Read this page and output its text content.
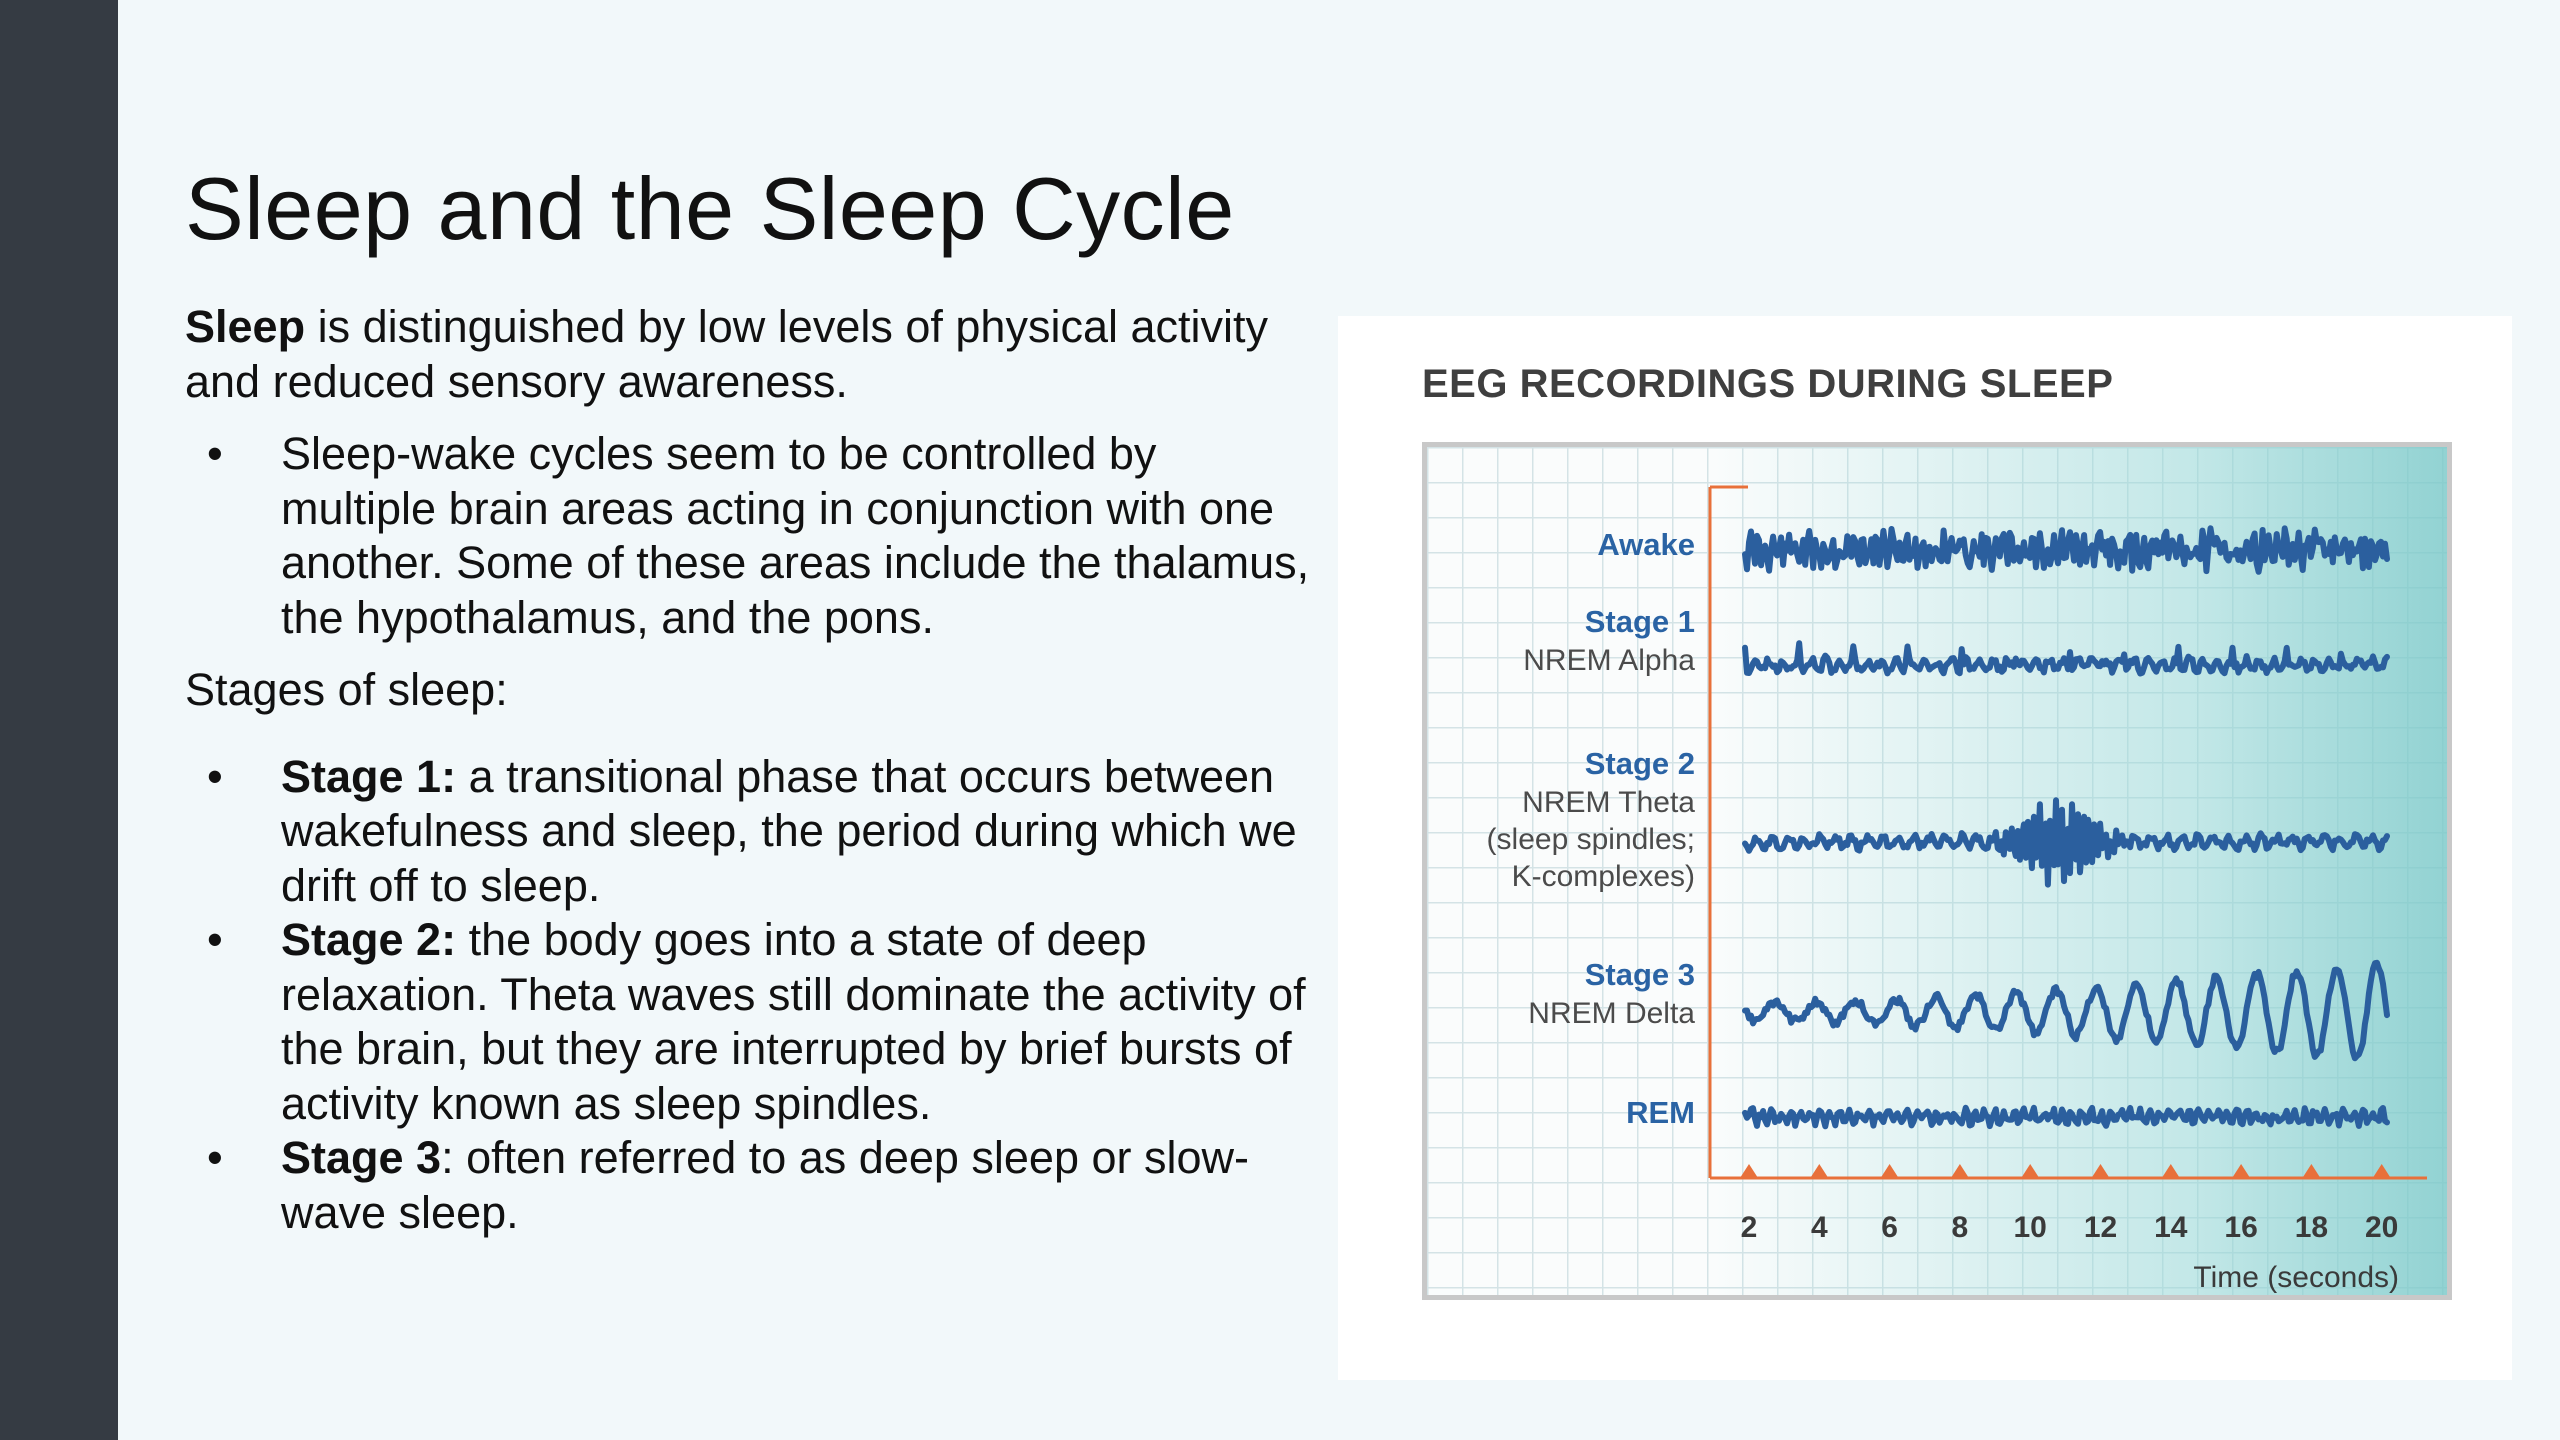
Sleep and the Sleep Cycle

Sleep is distinguished by low levels of physical activity and reduced sensory awareness.

• Sleep-wake cycles seem to be controlled by multiple brain areas acting in conjunction with one another. Some of these areas include the thalamus, the hypothalamus, and the pons.

Stages of sleep:

• Stage 1: a transitional phase that occurs between wakefulness and sleep, the period during which we drift off to sleep.
• Stage 2: the body goes into a state of deep relaxation. Theta waves still dominate the activity of the brain, but they are interrupted by brief bursts of activity known as sleep spindles.
• Stage 3: often referred to as deep sleep or slow-wave sleep.
EEG RECORDINGS DURING SLEEP
Awake
Stage 1
NREM Alpha
Stage 2
NREM Theta
(sleep spindles;
K-complexes)
Stage 3
NREM Delta
REM
2 4 6 8 10 12 14 16 18 20
Time (seconds)
